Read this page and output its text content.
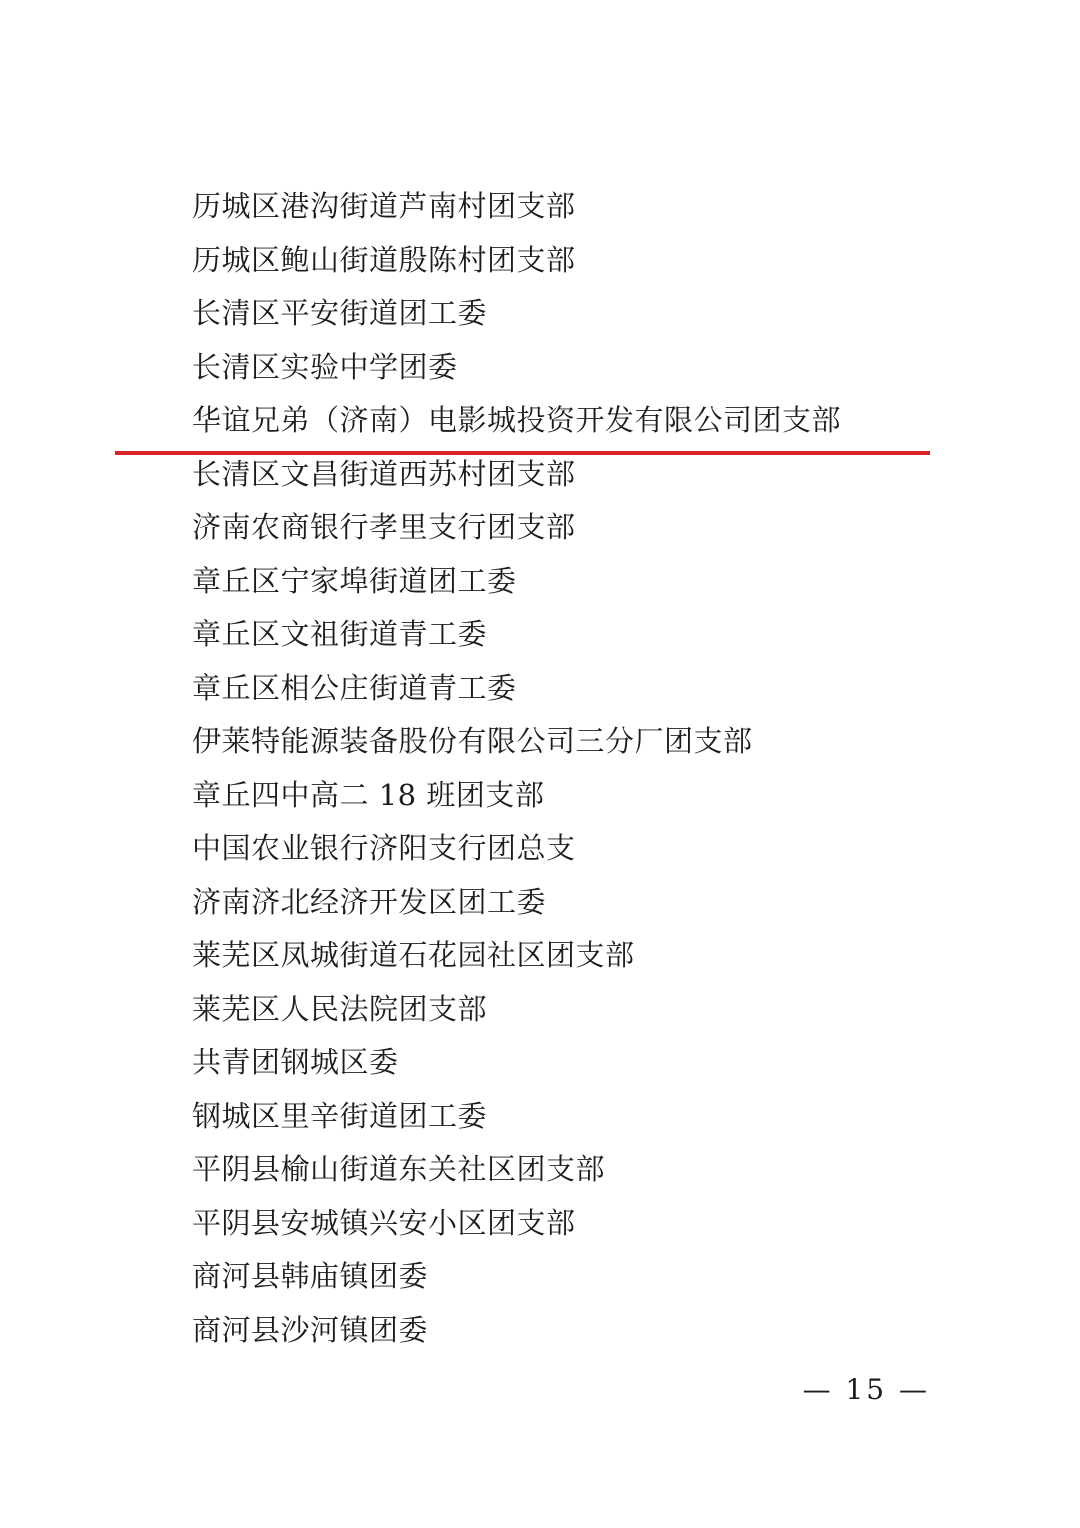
历城区港沟街道芦南村团支部
历城区鲍山街道殷陈村团支部
长清区平安街道团工委
长清区实验中学团委
华谊兄弟（济南）电影城投资开发有限公司团支部
长清区文昌街道西苏村团支部
济南农商银行孝里支行团支部
章丘区宁家埠街道团工委
章丘区文祖街道青工委
章丘区相公庄街道青工委
伊莱特能源装备股份有限公司三分厂团支部
章丘四中高二 18 班团支部
中国农业银行济阳支行团总支
济南济北经济开发区团工委
莱芜区凤城街道石花园社区团支部
莱芜区人民法院团支部
共青团钢城区委
钢城区里辛街道团工委
平阴县榆山街道东关社区团支部
平阴县安城镇兴安小区团支部
商河县韩庙镇团委
商河县沙河镇团委
— 15 —
